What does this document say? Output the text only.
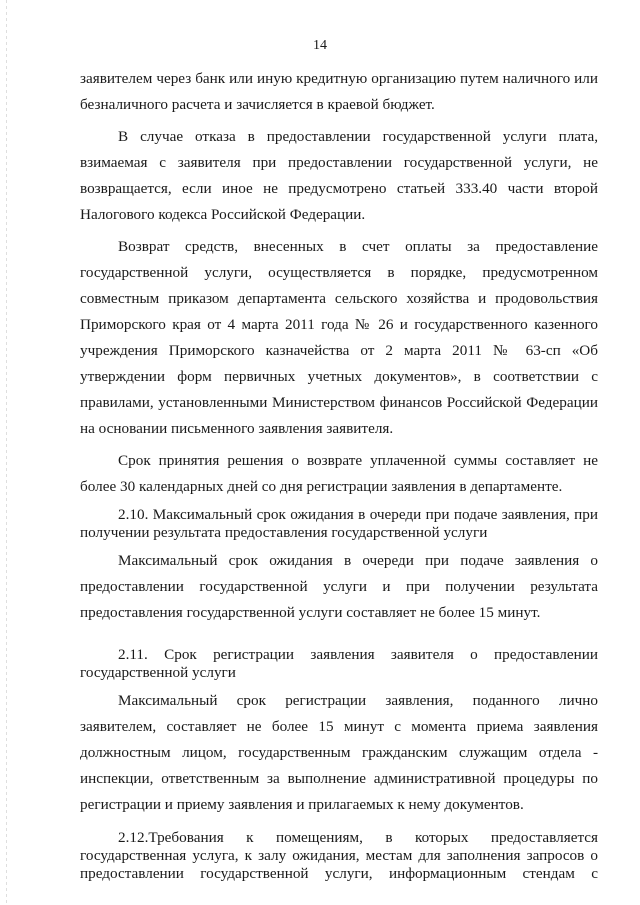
14

заявителем через банк или иную кредитную организацию путем наличного или безналичного расчета и зачисляется в краевой бюджет.

В случае отказа в предоставлении государственной услуги плата, взимаемая с заявителя при предоставлении государственной услуги, не возвращается, если иное не предусмотрено статьей 333.40 части второй Налогового кодекса Российской Федерации.

Возврат средств, внесенных в счет оплаты за предоставление государственной услуги, осуществляется в порядке, предусмотренном совместным приказом департамента сельского хозяйства и продовольствия Приморского края от 4 марта 2011 года № 26 и государственного казенного учреждения Приморского казначейства от 2 марта 2011 № 63-сп «Об утверждении форм первичных учетных документов», в соответствии с правилами, установленными Министерством финансов Российской Федерации на основании письменного заявления заявителя.

Срок принятия решения о возврате уплаченной суммы составляет не более 30 календарных дней со дня регистрации заявления в департаменте.

2.10. Максимальный срок ожидания в очереди при подаче заявления, при получении результата предоставления государственной услуги

Максимальный срок ожидания в очереди при подаче заявления о предоставлении государственной услуги и при получении результата предоставления государственной услуги составляет не более 15 минут.

2.11. Срок регистрации заявления заявителя о предоставлении государственной услуги

Максимальный срок регистрации заявления, поданного лично заявителем, составляет не более 15 минут с момента приема заявления должностным лицом, государственным гражданским служащим отдела - инспекции, ответственным за выполнение административной процедуры по регистрации и приему заявления и прилагаемых к нему документов.

2.12.Требования к помещениям, в которых предоставляется государственная услуга, к залу ожидания, местам для заполнения запросов о предоставлении государственной услуги, информационным стендам с
